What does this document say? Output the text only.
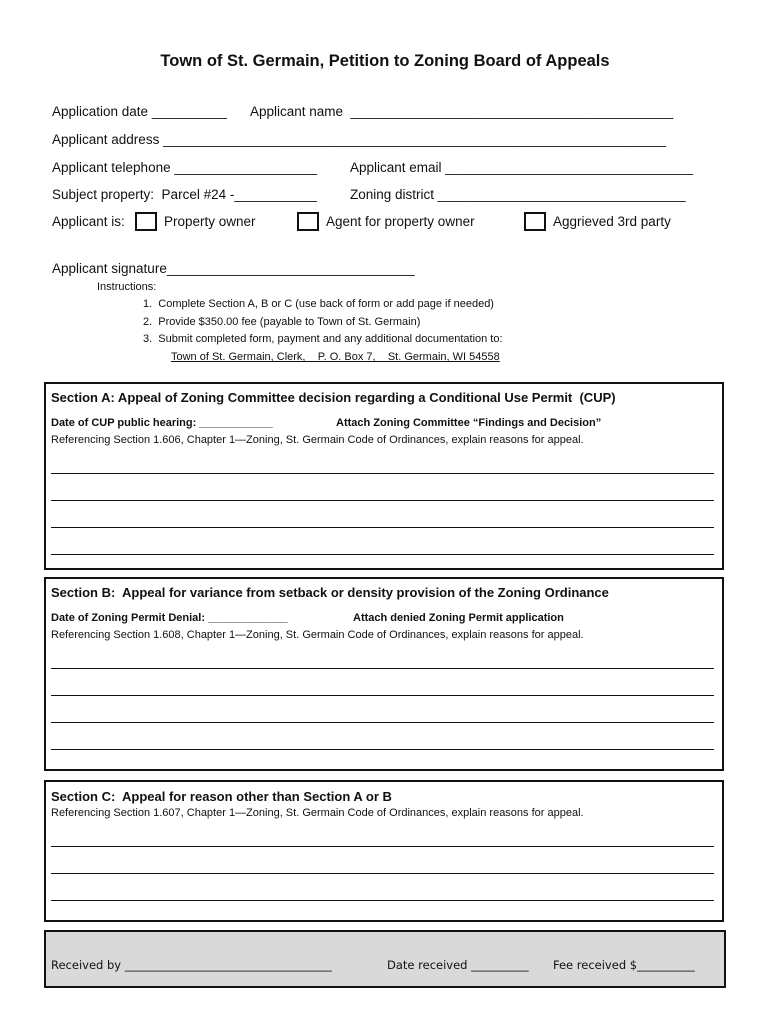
Town of St. Germain, Petition to Zoning Board of Appeals
Application date __________ Applicant name  ___________________________________________
Applicant address ___________________________________________________________________
Applicant telephone ___________________ Applicant email _________________________________
Subject property:  Parcel #24 -___________ Zoning district _________________________________
Applicant is:	Property owner	Agent for property owner	Aggrieved 3rd party
Applicant signature_________________________________
Instructions:
1.  Complete Section A, B or C (use back of form or add page if needed)
2.  Provide $350.00 fee (payable to Town of St. Germain)
3.  Submit completed form, payment and any additional documentation to:
Town of St. Germain, Clerk,    P. O. Box 7,    St. Germain, WI 54558
Section A: Appeal of Zoning Committee decision regarding a Conditional Use Permit  (CUP)
Date of CUP public hearing: ____________	Attach Zoning Committee “Findings and Decision”
Referencing Section 1.606, Chapter 1—Zoning, St. Germain Code of Ordinances, explain reasons for appeal.
Section B:  Appeal for variance from setback or density provision of the Zoning Ordinance
Date of Zoning Permit Denial: _____________	Attach denied Zoning Permit application
Referencing Section 1.608, Chapter 1—Zoning, St. Germain Code of Ordinances, explain reasons for appeal.
Section C:  Appeal for reason other than Section A or B
Referencing Section 1.607, Chapter 1—Zoning, St. Germain Code of Ordinances, explain reasons for appeal.
Received by ____________________________________	Date received __________ Fee received $__________
